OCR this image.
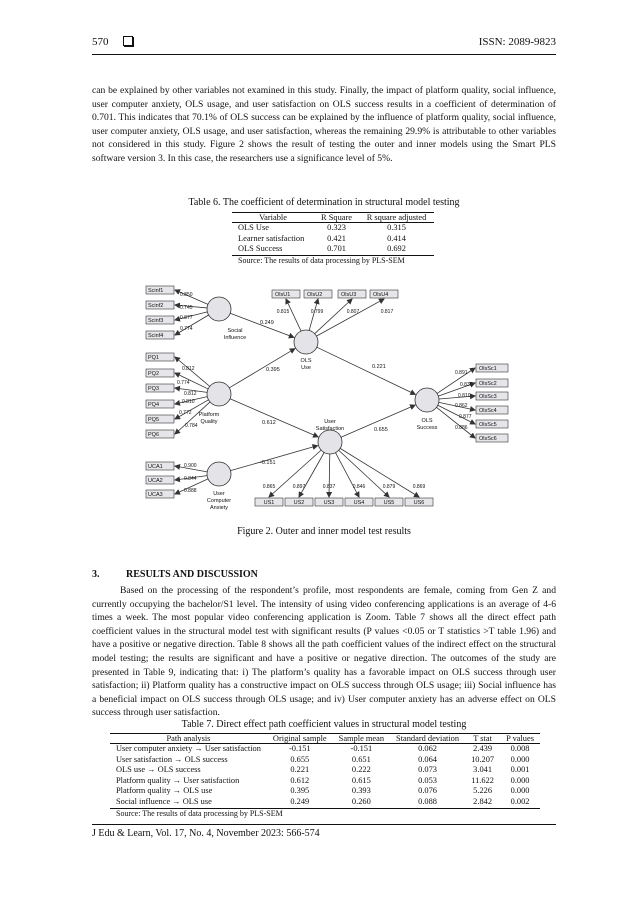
570	ISSN: 2089-9823

can be explained by other variables not examined in this study. Finally, the impact of platform quality, social influence, user computer anxiety, OLS usage, and user satisfaction on OLS success results in a coefficient of determination of 0.701. This indicates that 70.1% of OLS success can be explained by the influence of platform quality, social influence, user computer anxiety, OLS usage, and user satisfaction, whereas the remaining 29.9% is attributable to other variables not considered in this study. Figure 2 shows the result of testing the outer and inner models using the Smart PLS software version 3. In this case, the researchers use a significance level of 5%.

Table 6. The coefficient of determination in structural model testing
Variable	R Square	R square adjusted
OLS Use	0.323	0.315
Learner satisfaction	0.421	0.414
OLS Success	0.701	0.692
Source: The results of data processing by PLS-SEM		
Scinf1
0.850
Scinf2	0.745
Scinf3
0.877
Scinf4
0.774
PQ1
0.812
PQ2
0.774
PQ3
0.812
PQ4
0.810
PQ5
0.772
PQ6
0.784
UCA1	0.900
UCA2	0.844
UCA3
0.888
OlsU1
0.815
OlsU2
0.799
OlsU3
0.807
OlsU4
0.817
US1
0.865
US2
0.897
US3
0.837
US4
0.846
US5
0.879
US6
0.869
OlsSc1
0.891
OlsSc2
0.835
OlsSc3
0.810
OlsSc4
0.862
OlsSc5
0.877
OlsSc6
0.886
0.249
0.395
0.612
-0.151
0.221
0.655
Social Influence
Platform Quality
User Computer Anxiety
OLS Use
User Satisfaction
OLS Success
Figure 2. Outer and inner model test results
3.	RESULTS AND DISCUSSION

Based on the processing of the respondent’s profile, most respondents are female, coming from Gen Z and currently occupying the bachelor/S1 level. The intensity of using video conferencing applications is an average of 4-6 times a week. The most popular video conferencing application is Zoom. Table 7 shows all the direct effect path coefficient values in the structural model test with significant results (P values <0.05 or T statistics >T table 1.96) and have a positive or negative direction. Table 8 shows all the path coefficient values of the indirect effect on the structural model testing; the results are significant and have a positive or negative direction. The outcomes of the study are presented in Table 9, indicating that: i) The platform’s quality has a favorable impact on OLS success through user satisfaction; ii) Platform quality has a constructive impact on OLS success through OLS usage; iii) Social influence has a beneficial impact on OLS success through OLS usage; and iv) User computer anxiety has an adverse effect on OLS success through user satisfaction.

Table 7. Direct effect path coefficient values in structural model testing
Path analysis	Original sample	Sample mean	Standard deviation	T stat	P values
User computer anxiety → User satisfaction	-0.151	-0.151	0.062	2.439	0.008
User satisfaction → OLS success	0.655	0.651	0.064	10.207	0.000
OLS use → OLS success	0.221	0.222	0.073	3.041	0.001
Platform quality → User satisfaction	0.612	0.615	0.053	11.622	0.000
Platform quality → OLS use	0.395	0.393	0.076	5.226	0.000
Social influence → OLS use	0.249	0.260	0.088	2.842	0.002
Source: The results of data processing by PLS-SEM					
J Edu & Learn, Vol. 17, No. 4, November 2023: 566-574
